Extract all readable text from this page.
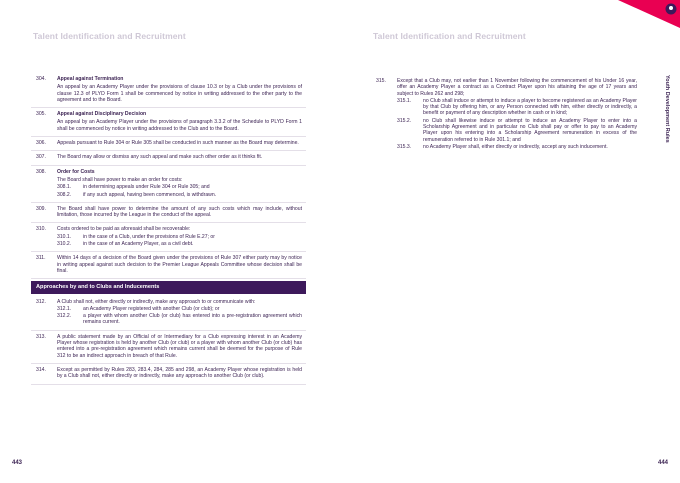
Talent Identification and Recruitment
304.	Appeal against Termination
An appeal by an Academy Player under the provisions of clause 10.3 or by a Club under the provisions of clause 12.3 of PLYD Form 1 shall be commenced by notice in writing addressed to the other party to the agreement and to the Board.
305.	Appeal against Disciplinary Decision
An appeal by an Academy Player under the provisions of paragraph 3.3.2 of the Schedule to PLYD Form 1 shall be commenced by notice in writing addressed to the Club and to the Board.
306.	Appeals pursuant to Rule 304 or Rule 305 shall be conducted in such manner as the Board may determine.
307.	The Board may allow or dismiss any such appeal and make such other order as it thinks fit.
308.	Order for Costs
The Board shall have power to make an order for costs:
308.1.	in determining appeals under Rule 304 or Rule 305; and
308.2.	if any such appeal, having been commenced, is withdrawn.
309.	The Board shall have power to determine the amount of any such costs which may include, without limitation, those incurred by the League in the conduct of the appeal.
310.	Costs ordered to be paid as aforesaid shall be recoverable:
310.1.	in the case of a Club, under the provisions of Rule E.27; or
310.2.	in the case of an Academy Player, as a civil debt.
311.	Within 14 days of a decision of the Board given under the provisions of Rule 307 either party may by notice in writing appeal against such decision to the Premier League Appeals Committee whose decision shall be final.
Approaches by and to Clubs and Inducements
312.	A Club shall not, either directly or indirectly, make any approach to or communicate with:
312.1.	an Academy Player registered with another Club (or club); or
312.2.	a player with whom another Club (or club) has entered into a pre-registration agreement which remains current.
313.	A public statement made by an Official of or Intermediary for a Club expressing interest in an Academy Player whose registration is held by another Club (or club) or a player with whom another Club (or club) has entered into a pre-registration agreement which remains current shall be deemed for the purpose of Rule 312 to be an indirect approach in breach of that Rule.
314.	Except as permitted by Rules 283, 283.4, 284, 285 and 298, an Academy Player whose registration is held by a Club shall not, either directly or indirectly, make any approach to another Club (or club).
443
Talent Identification and Recruitment
315.	Except that a Club may, not earlier than 1 November following the commencement of his Under 16 year, offer an Academy Player a contract as a Contract Player upon his attaining the age of 17 years and subject to Rules 262 and 298;
315.1.	no Club shall induce or attempt to induce a player to become registered as an Academy Player by that Club by offering him, or any Person connected with him, either directly or indirectly, a benefit or payment of any description whether in cash or in kind;
315.2.	no Club shall likewise induce or attempt to induce an Academy Player to enter into a Scholarship Agreement and in particular no Club shall pay or offer to pay to an Academy Player upon his entering into a Scholarship Agreement remuneration in excess of the remuneration referred to in Rule 301.1; and
315.3.	no Academy Player shall, either directly or indirectly, accept any such inducement.
Youth Development Rules
444
